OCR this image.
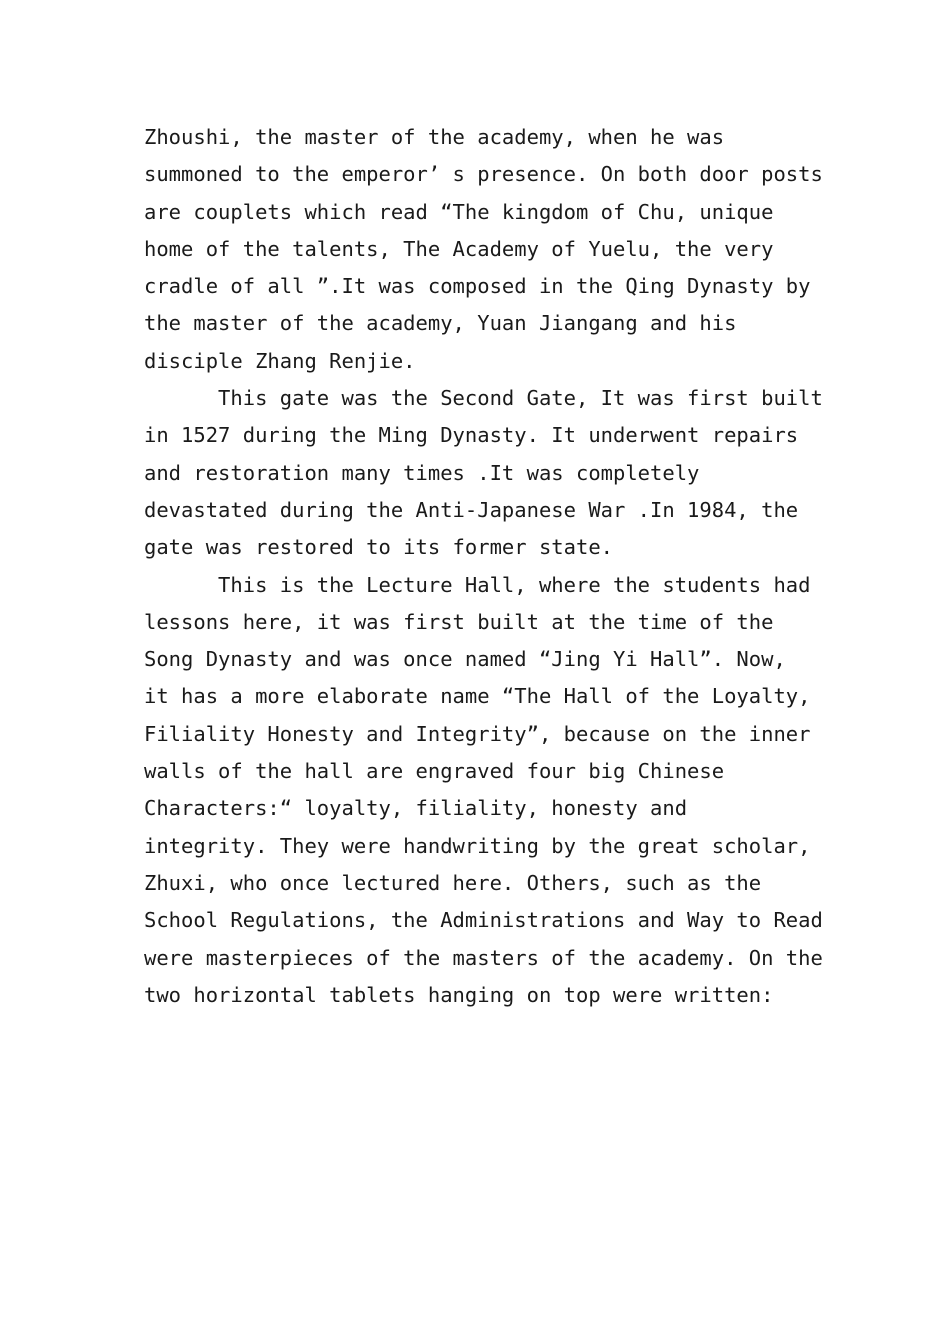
Zhoushi, the master of the academy, when he was
summoned to the emperor’ s presence. On both door posts
are couplets which read “The kingdom of Chu, unique
home of the talents, The Academy of Yuelu, the very
cradle of all ”.It was composed in the Qing Dynasty by
the master of the academy, Yuan Jiangang and his
disciple Zhang Renjie.
This gate was the Second Gate, It was first built
in 1527 during the Ming Dynasty. It underwent repairs
and restoration many times .It was completely
devastated during the Anti-Japanese War .In 1984, the
gate was restored to its former state.
This is the Lecture Hall, where the students had
lessons here, it was first built at the time of the
Song Dynasty and was once named “Jing Yi Hall”. Now,
it has a more elaborate name “The Hall of the Loyalty,
Filiality Honesty and Integrity”, because on the inner
walls of the hall are engraved four big Chinese
Characters:“ loyalty, filiality, honesty and
integrity. They were handwriting by the great scholar,
Zhuxi, who once lectured here. Others, such as the
School Regulations, the Administrations and Way to Read
were masterpieces of the masters of the academy. On the
two horizontal tablets hanging on top were written:
